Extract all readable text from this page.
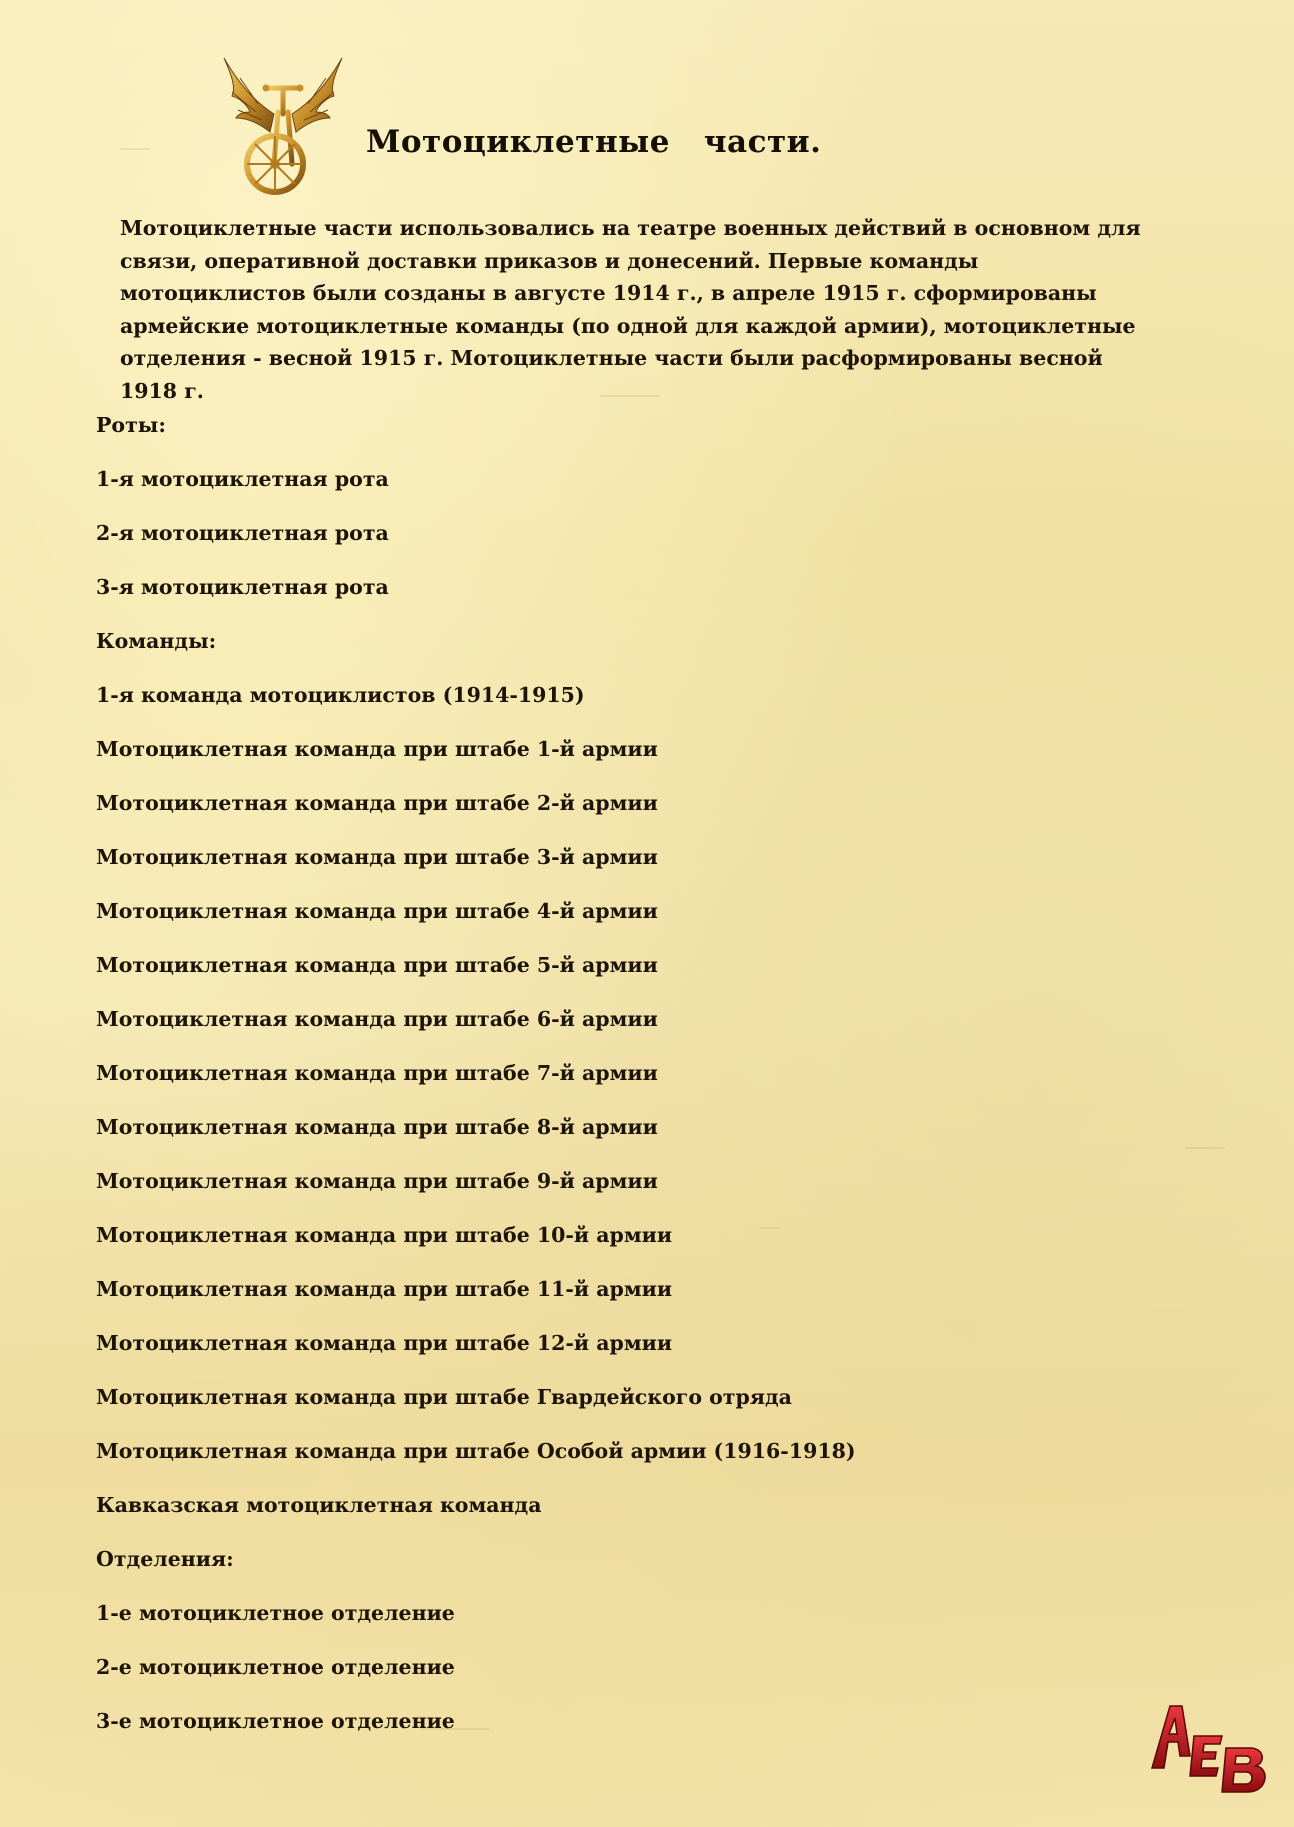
Мотоциклетные   части.

Мотоциклетные части использовались на театре военных действий в основном для связи, оперативной доставки приказов и донесений. Первые команды мотоциклистов были созданы в августе 1914 г., в апреле 1915 г. сформированы армейские мотоциклетные команды (по одной для каждой армии), мотоциклетные отделения - весной 1915 г. Мотоциклетные части были расформированы весной 1918 г.

Роты:
1-я мотоциклетная рота
2-я мотоциклетная рота
3-я мотоциклетная рота
Команды:
1-я команда мотоциклистов (1914-1915)
Мотоциклетная команда при штабе 1-й армии
Мотоциклетная команда при штабе 2-й армии
Мотоциклетная команда при штабе 3-й армии
Мотоциклетная команда при штабе 4-й армии
Мотоциклетная команда при штабе 5-й армии
Мотоциклетная команда при штабе 6-й армии
Мотоциклетная команда при штабе 7-й армии
Мотоциклетная команда при штабе 8-й армии
Мотоциклетная команда при штабе 9-й армии
Мотоциклетная команда при штабе 10-й армии
Мотоциклетная команда при штабе 11-й армии
Мотоциклетная команда при штабе 12-й армии
Мотоциклетная команда при штабе Гвардейского отряда
Мотоциклетная команда при штабе Особой армии (1916-1918)
Кавказская мотоциклетная команда
Отделения:
1-е мотоциклетное отделение
2-е мотоциклетное отделение
3-е мотоциклетное отделение
